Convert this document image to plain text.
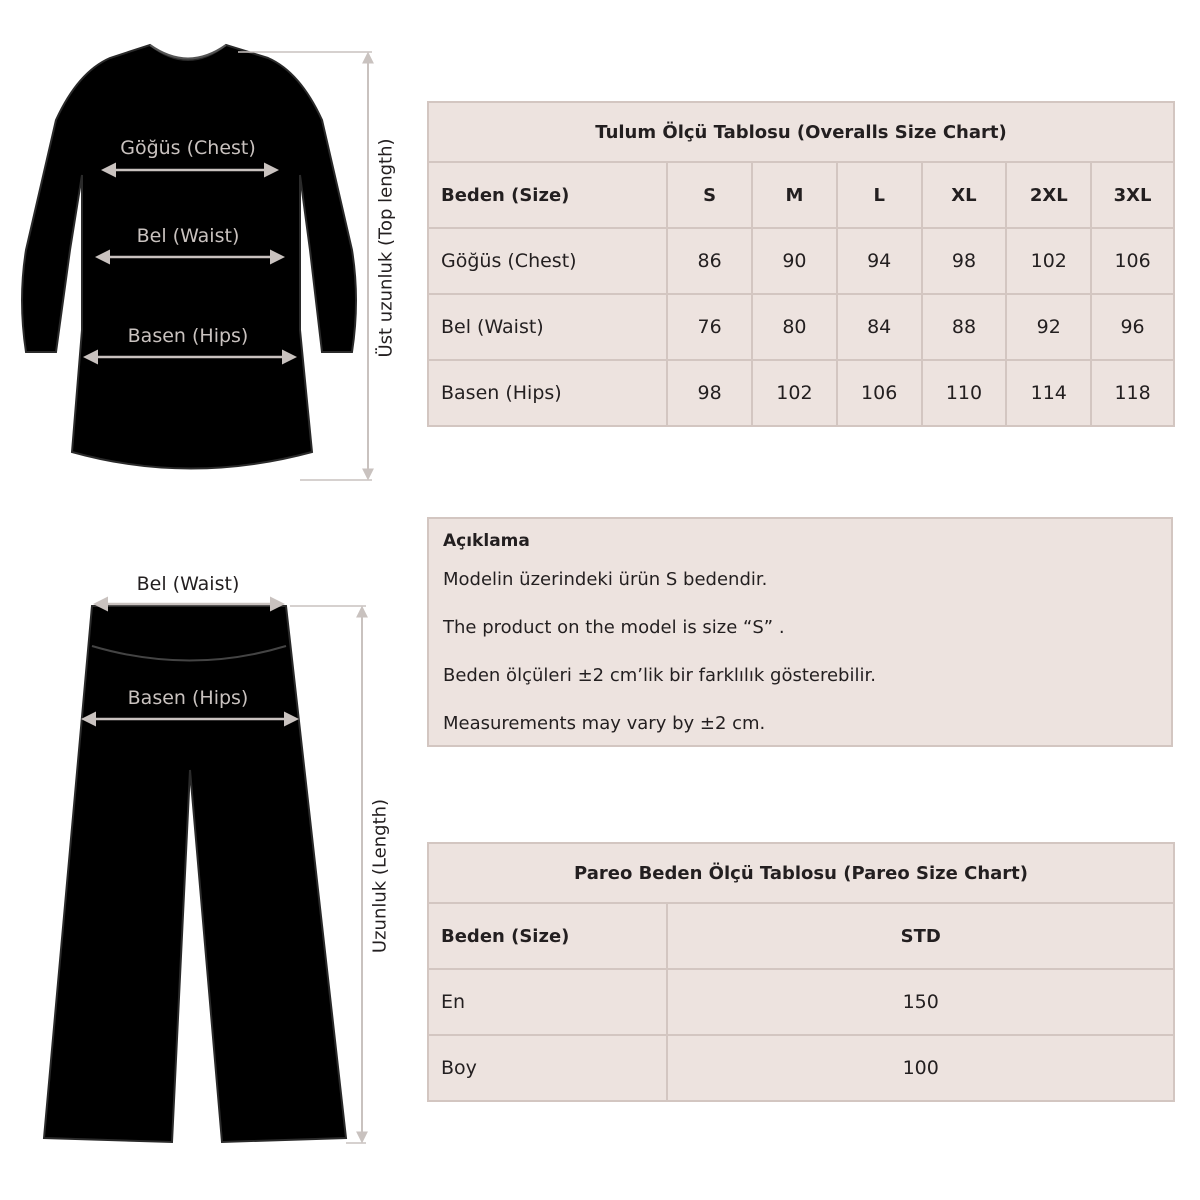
Göğüs (Chest)
Bel (Waist)
Basen (Hips)	Üst uzunluk (Top length)
Bel (Waist)
Basen (Hips)
Uzunluk (Length)
Tulum Ölçü Tablosu (Overalls Size Chart)						
Beden (Size)	S	M	L	XL	2XL	3XL
Göğüs (Chest)	86	90	94	98	102	106
Bel (Waist)	76	80	84	88	92	96
Basen (Hips)	98	102	106	110	114	118
Açıklama
Modelin üzerindeki ürün S bedendir.
The product on the model is size “S” .
Beden ölçüleri ±2 cm’lik bir farklılık gösterebilir.
Measurements may vary by ±2 cm.
Pareo Beden Ölçü Tablosu (Pareo Size Chart)	
Beden (Size)	STD
En	150
Boy	100
